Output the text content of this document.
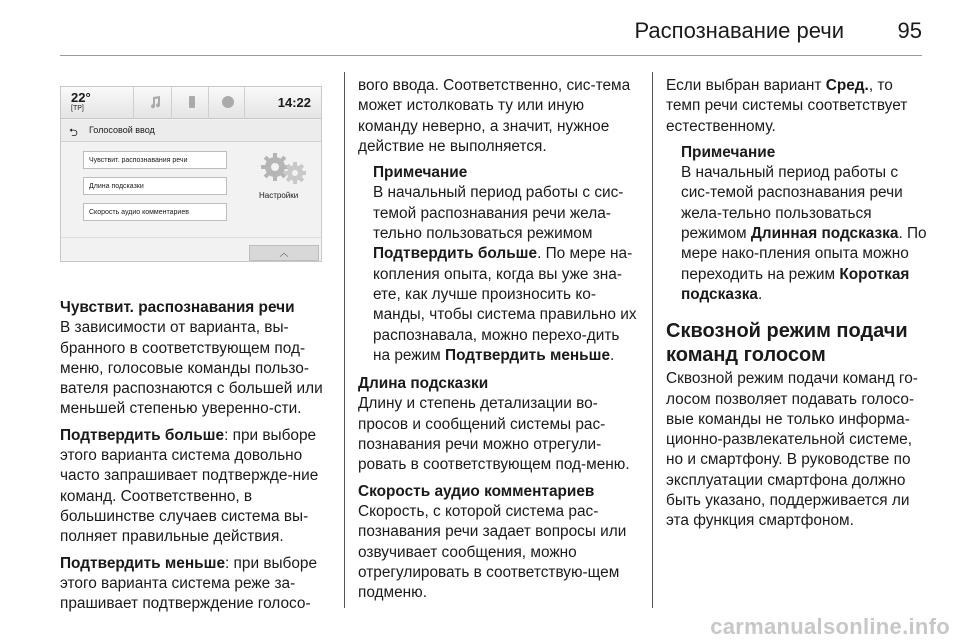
Распознавание речи 95
22°
[TP]	14:22
⮌ Голосовой ввод
Чувствит. распознавания речи
Длина подсказки
Скорость аудио комментариев
Настройки
︿
Чувствит. распознавания речи

В зависимости от варианта, вы-бранного в соответствующем под-меню, голосовые команды пользо-вателя распознаются с большей или меньшей степенью уверенно-сти.

Подтвердить больше: при выборе этого варианта система довольно часто запрашивает подтвержде-ние команд. Соответственно, в большинстве случаев система вы-полняет правильные действия.

Подтвердить меньше: при выборе этого варианта система реже за-прашивает подтверждение голосо-

вого ввода. Соответственно, сис-тема может истолковать ту или иную команду неверно, а значит, нужное действие не выполняется.

Примечание
В начальный период работы с сис-темой распознавания речи жела-тельно пользоваться режимом Подтвердить больше. По мере на-копления опыта, когда вы уже зна-ете, как лучше произносить ко-манды, чтобы система правильно их распознавала, можно перехо-дить на режим Подтвердить меньше.
Длина подсказки

Длину и степень детализации во-просов и сообщений системы рас-познавания речи можно отрегули-ровать в соответствующем под-меню.

Скорость аудио комментариев

Скорость, с которой система рас-познавания речи задает вопросы или озвучивает сообщения, можно отрегулировать в соответствую-щем подменю.

Если выбран вариант Сред., то темп речи системы соответствует естественному.

Примечание
В начальный период работы с сис-темой распознавания речи жела-тельно пользоваться режимом Длинная подсказка. По мере нако-пления опыта можно переходить на режим Короткая подсказка.
Сквозной режим подачи команд голосом

Сквозной режим подачи команд го-лосом позволяет подавать голосо-вые команды не только информа-ционно-развлекательной системе, но и смартфону. В руководстве по эксплуатации смартфона должно быть указано, поддерживается ли эта функция смартфоном.

carmanualsonline.info
